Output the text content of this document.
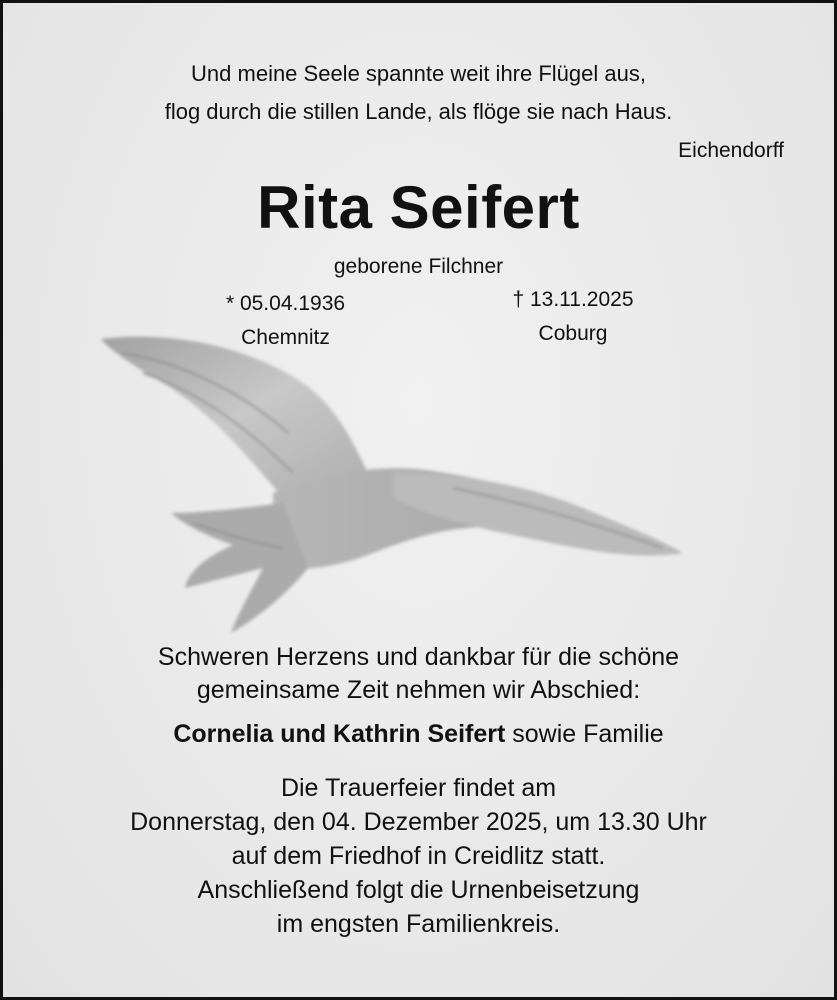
Und meine Seele spannte weit ihre Flügel aus,
flog durch die stillen Lande, als flöge sie nach Haus.
Eichendorff
Rita Seifert
geborene Filchner
* 05.04.1936
Chemnitz
† 13.11.2025
Coburg
Schweren Herzens und dankbar für die schöne
gemeinsame Zeit nehmen wir Abschied:
Cornelia und Kathrin Seifert sowie Familie
Die Trauerfeier findet am
Donnerstag, den 04. Dezember 2025, um 13.30 Uhr
auf dem Friedhof in Creidlitz statt.
Anschließend folgt die Urnenbeisetzung
im engsten Familienkreis.
